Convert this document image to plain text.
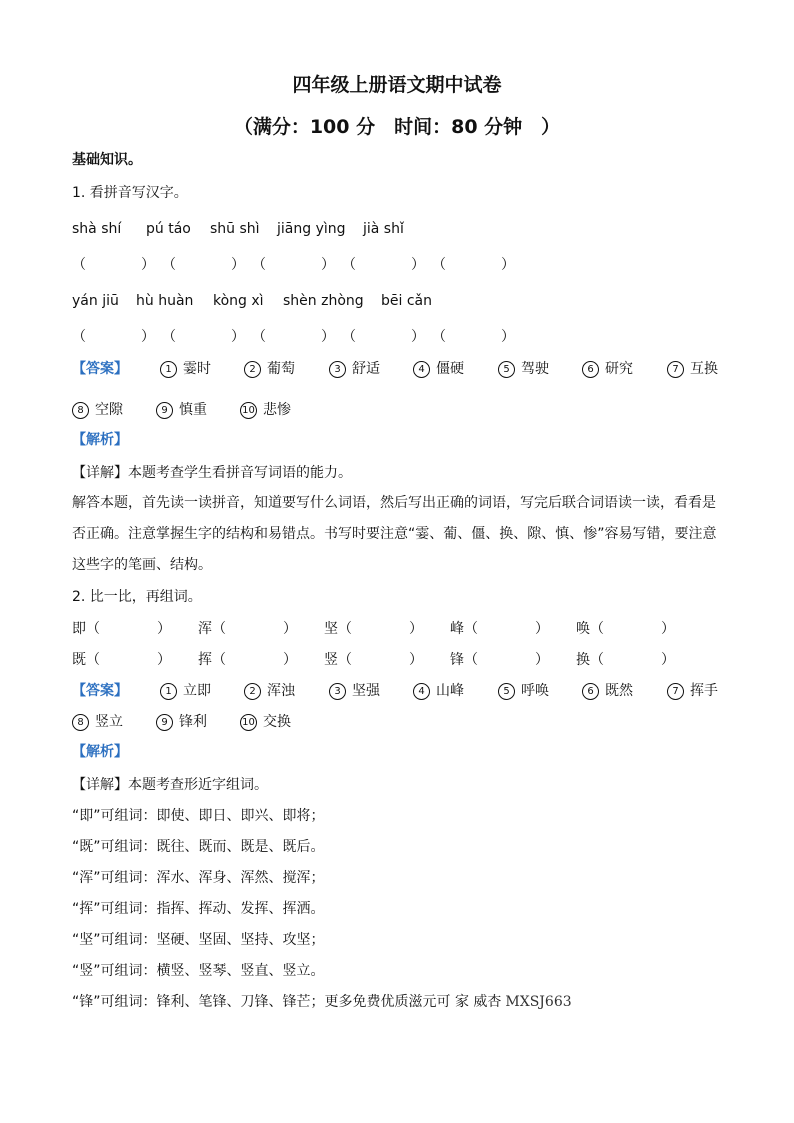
四年级上册语文期中试卷
（满分：100 分　时间：80 分钟　）
基础知识。
1. 看拼音写汉字。
shà shí pú táo shū shì jiāng yìng jià shǐ
（	） （	） （	） （	） （	）
yán jiū hù huàn kòng xì shèn zhòng bēi cǎn
（	） （	） （	） （	） （	）
【答案】	1 霎时	2 葡萄	3 舒适	4 僵硬	5 驾驶	6 研究	7 互换
8 空隙	9 慎重	10 悲惨
【解析】
【详解】本题考查学生看拼音写词语的能力。
解答本题，首先读一读拼音，知道要写什么词语，然后写出正确的词语，写完后联合词语读一读，看看是否正确。注意掌握生字的结构和易错点。书写时要注意“霎、葡、僵、换、隙、慎、惨”容易写错，要注意这些字的笔画、结构。
2. 比一比，再组词。
即（	） 浑（	） 坚（	） 峰（	） 唤（	）
既（	） 挥（	） 竖（	） 锋（	） 换（	）
【答案】	1 立即	2 浑浊	3 坚强	4 山峰	5 呼唤	6 既然	7 挥手
8 竖立	9 锋利	10 交换
【解析】
【详解】本题考查形近字组词。
“即”可组词：即使、即日、即兴、即将；
“既”可组词：既往、既而、既是、既后。
“浑”可组词：浑水、浑身、浑然、搅浑；
“挥”可组词：指挥、挥动、发挥、挥洒。
“坚”可组词：坚硬、坚固、坚持、攻坚；
“竖”可组词：横竖、竖琴、竖直、竖立。
“锋”可组词：锋利、笔锋、刀锋、锋芒；更多免费优质滋元可 家 威杏 MXSJ663
